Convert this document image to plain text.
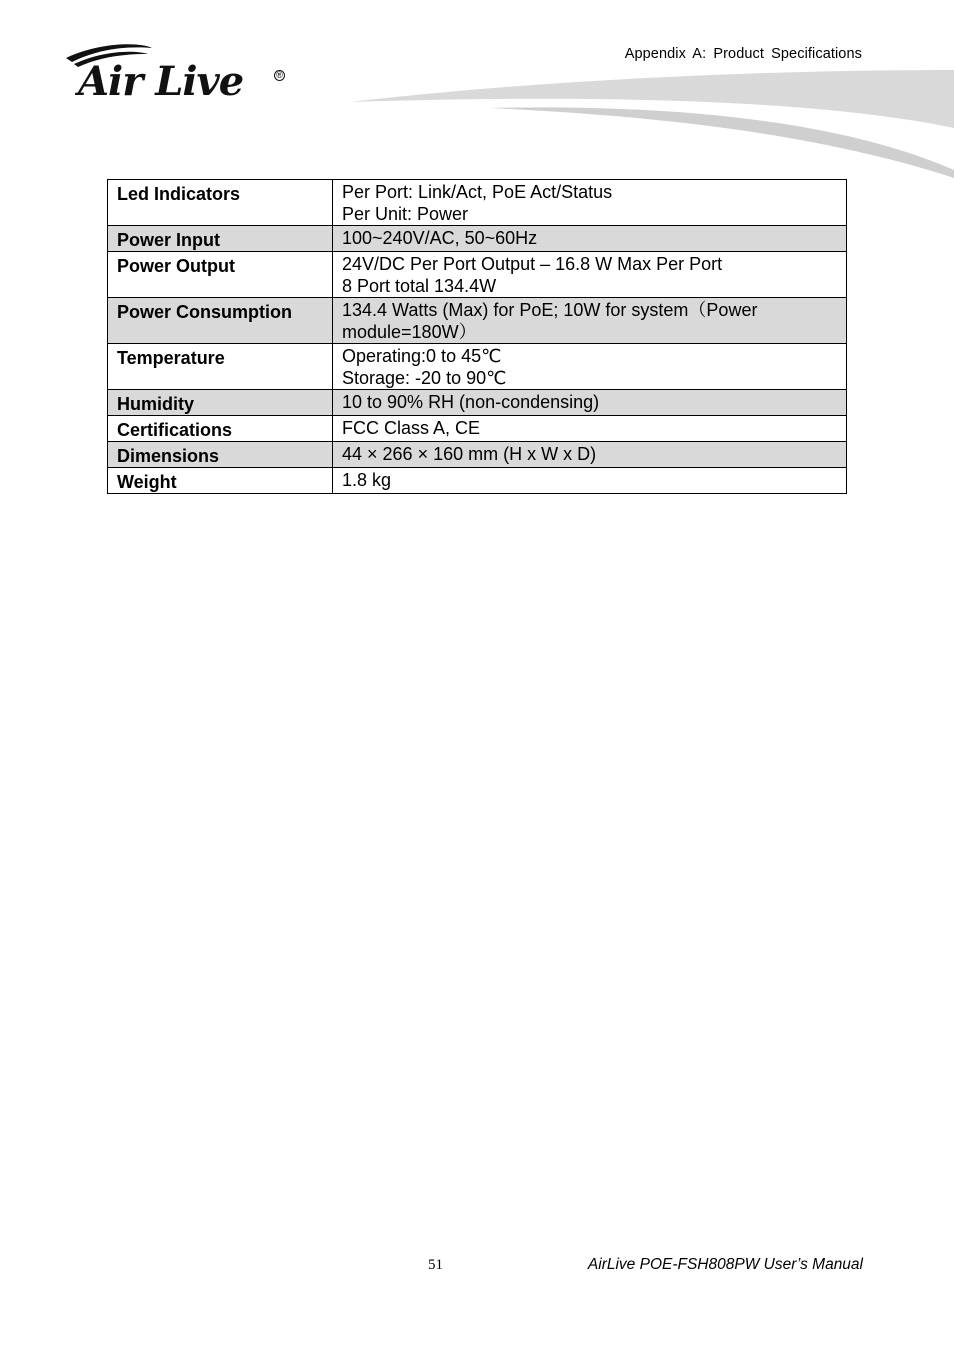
Appendix A: Product Specifications
Air Live	®
Led Indicators	Per Port: Link/Act, PoE Act/Status
Per Unit: Power

Power Input	100~240V/AC, 50~60Hz

Power Output	24V/DC Per Port Output – 16.8 W Max Per Port
8 Port total 134.4W

Power Consumption	134.4 Watts (Max) for PoE; 10W for system（Power
module=180W）

Temperature	Operating:0 to 45℃
Storage: -20 to 90℃

Humidity	10 to 90% RH (non-condensing)

Certifications	FCC Class A, CE

Dimensions	44 × 266 × 160 mm (H x W x D)

Weight	1.8 kg
51	AirLive POE-FSH808PW User’s Manual
